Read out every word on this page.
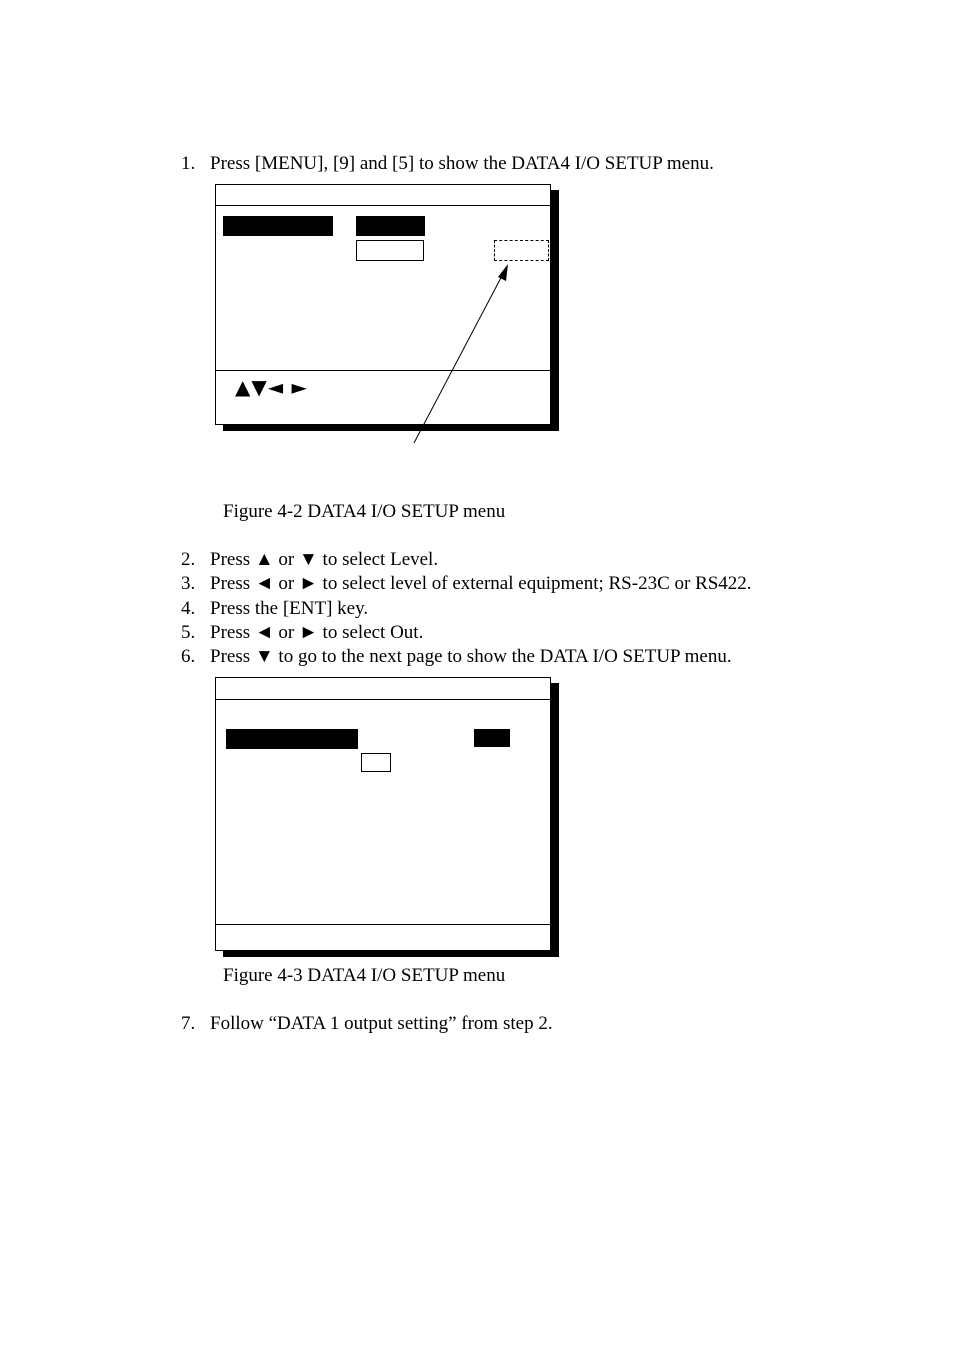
1. Press [MENU], [9] and [5] to show the DATA4 I/O SETUP menu.
▲▼◄ ►
Figure 4-2 DATA4 I/O SETUP menu
2. Press ▲ or ▼ to select Level.
3. Press ◄ or ► to select level of external equipment; RS-23C or RS422.
4. Press the [ENT] key.
5. Press ◄ or ► to select Out.
6. Press ▼ to go to the next page to show the DATA I/O SETUP menu.
Figure 4-3 DATA4 I/O SETUP menu
7. Follow “DATA 1 output setting” from step 2.
